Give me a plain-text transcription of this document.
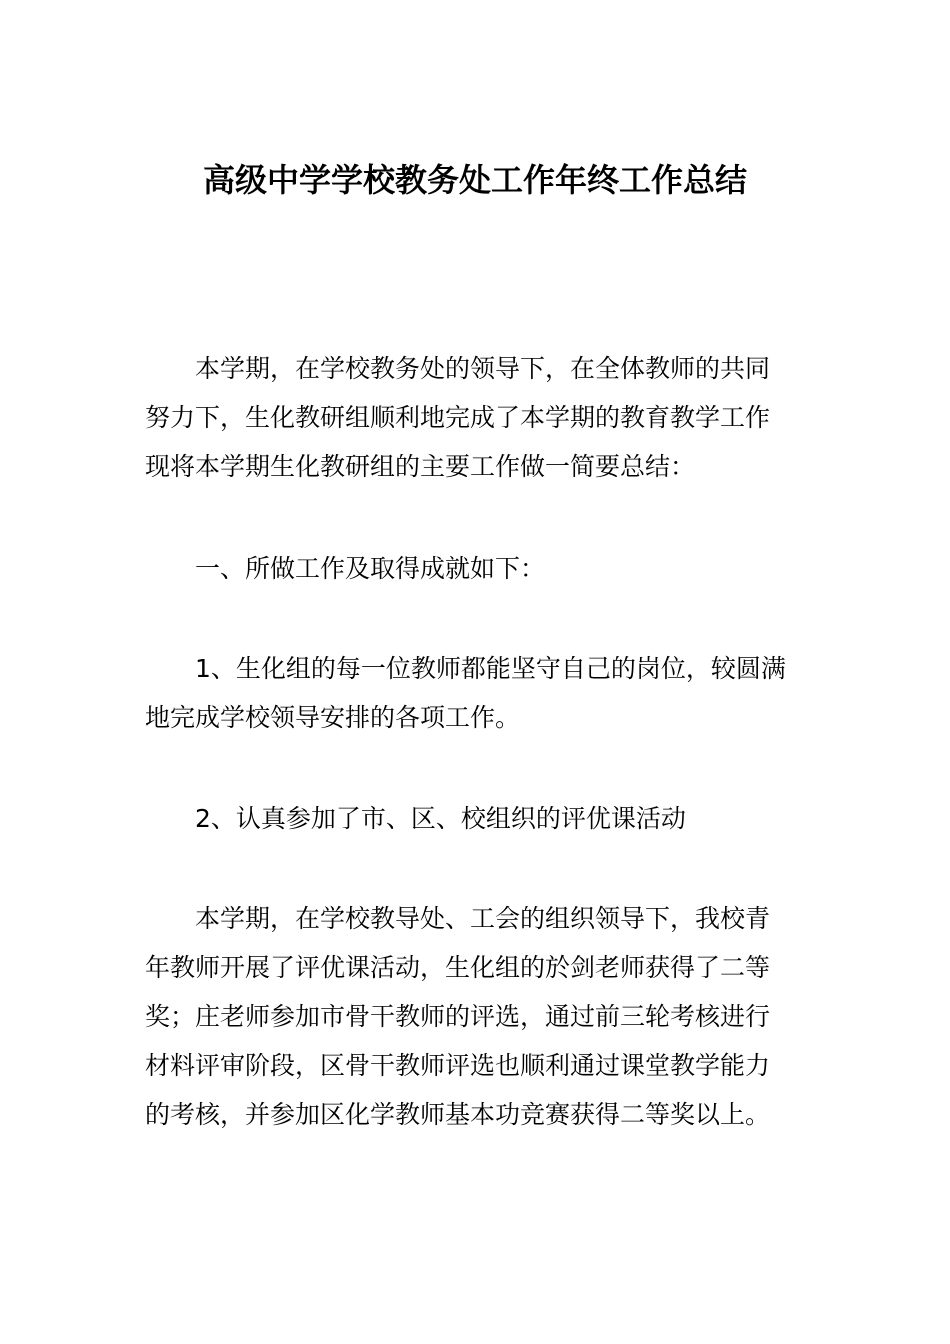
高级中学学校教务处工作年终工作总结
本学期，在学校教务处的领导下，在全体教师的共同
努力下，生化教研组顺利地完成了本学期的教育教学工作
现将本学期生化教研组的主要工作做一简要总结：
一、所做工作及取得成就如下：
1、生化组的每一位教师都能坚守自己的岗位，较圆满
地完成学校领导安排的各项工作。
2、认真参加了市、区、校组织的评优课活动
本学期，在学校教导处、工会的组织领导下，我校青
年教师开展了评优课活动，生化组的於剑老师获得了二等
奖；庄老师参加市骨干教师的评选，通过前三轮考核进行
材料评审阶段，区骨干教师评选也顺利通过课堂教学能力
的考核，并参加区化学教师基本功竞赛获得二等奖以上。
